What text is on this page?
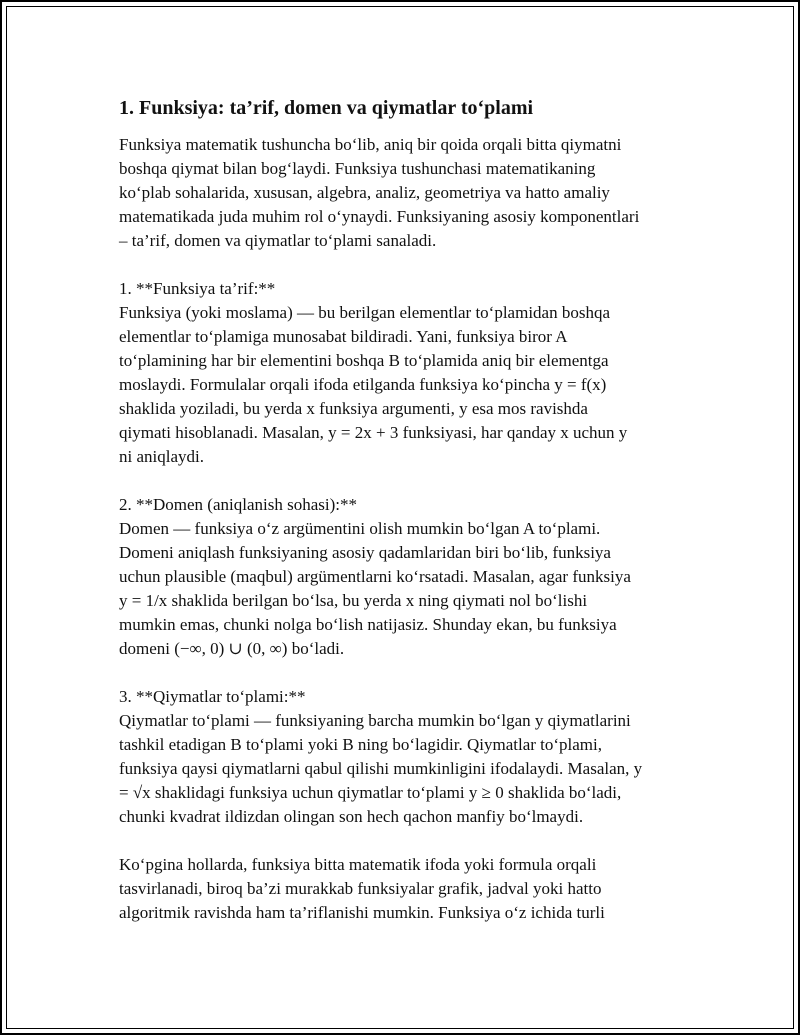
1. Funksiya: ta’rif, domen va qiymatlar to‘plami

Funksiya matematik tushuncha bo‘lib, aniq bir qoida orqali bitta qiymatni
boshqa qiymat bilan bog‘laydi. Funksiya tushunchasi matematikaning
ko‘plab sohalarida, xususan, algebra, analiz, geometriya va hatto amaliy
matematikada juda muhim rol o‘ynaydi. Funksiyaning asosiy komponentlari
– ta’rif, domen va qiymatlar to‘plami sanaladi.

1. **Funksiya ta’rif:**

Funksiya (yoki moslama) — bu berilgan elementlar to‘plamidan boshqa
elementlar to‘plamiga munosabat bildiradi. Yani, funksiya biror A
to‘plamining har bir elementini boshqa B to‘plamida aniq bir elementga
moslaydi. Formulalar orqali ifoda etilganda funksiya ko‘pincha y = f(x)
shaklida yoziladi, bu yerda x funksiya argumenti, y esa mos ravishda
qiymati hisoblanadi. Masalan, y = 2x + 3 funksiyasi, har qanday x uchun y
ni aniqlaydi.

2. **Domen (aniqlanish sohasi):**

Domen — funksiya o‘z argümentini olish mumkin bo‘lgan A to‘plami.
Domeni aniqlash funksiyaning asosiy qadamlaridan biri bo‘lib, funksiya
uchun plausible (maqbul) argümentlarni ko‘rsatadi. Masalan, agar funksiya
y = 1/x shaklida berilgan bo‘lsa, bu yerda x ning qiymati nol bo‘lishi
mumkin emas, chunki nolga bo‘lish natijasiz. Shunday ekan, bu funksiya
domeni (−∞, 0) ∪ (0, ∞) bo‘ladi.

3. **Qiymatlar to‘plami:**

Qiymatlar to‘plami — funksiyaning barcha mumkin bo‘lgan y qiymatlarini
tashkil etadigan B to‘plami yoki B ning bo‘lagidir. Qiymatlar to‘plami,
funksiya qaysi qiymatlarni qabul qilishi mumkinligini ifodalaydi. Masalan, y
= √x shaklidagi funksiya uchun qiymatlar to‘plami y ≥ 0 shaklida bo‘ladi,
chunki kvadrat ildizdan olingan son hech qachon manfiy bo‘lmaydi.

Ko‘pgina hollarda, funksiya bitta matematik ifoda yoki formula orqali
tasvirlanadi, biroq ba’zi murakkab funksiyalar grafik, jadval yoki hatto
algoritmik ravishda ham ta’riflanishi mumkin. Funksiya o‘z ichida turli
